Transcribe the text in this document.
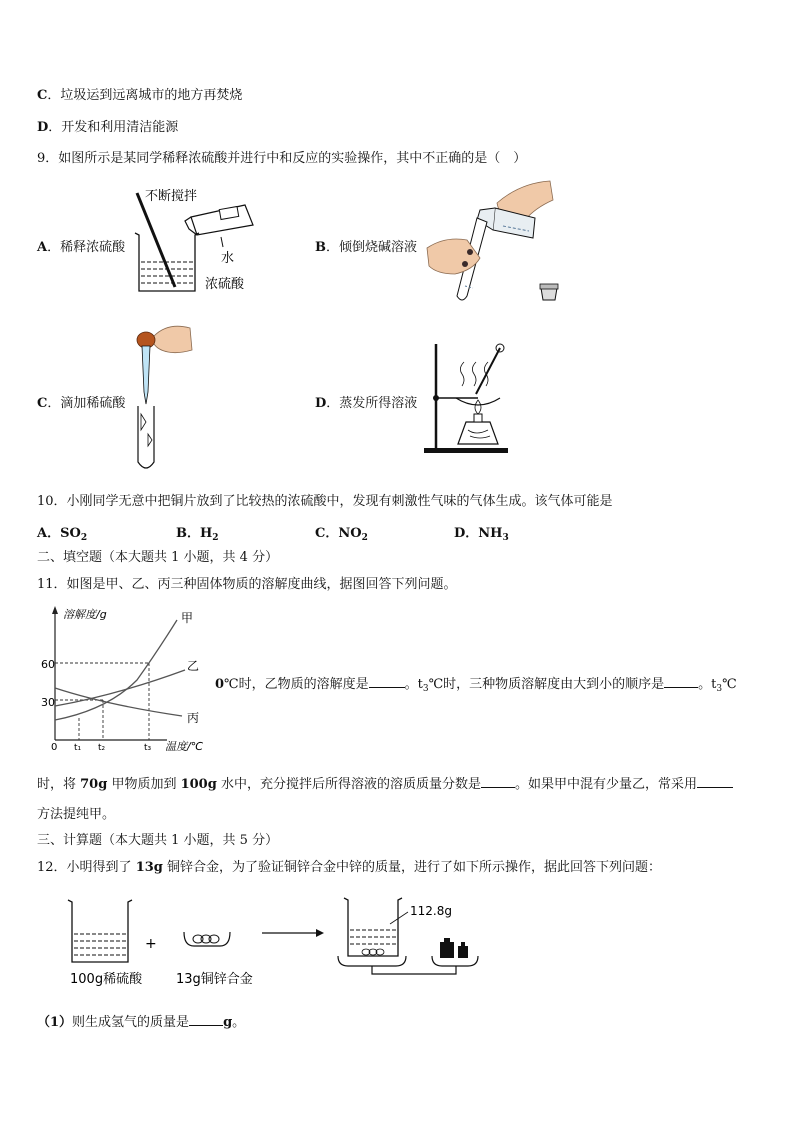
C．垃圾运到远离城市的地方再焚烧
D．开发和利用清洁能源
9．如图所示是某同学稀释浓硫酸并进行中和反应的实验操作，其中不正确的是（　）
A．稀释浓硫酸	B．倾倒烧碱溶液
C．滴加稀硫酸	D．蒸发所得溶液
不断搅拌
水
浓硫酸
10．小刚同学无意中把铜片放到了比较热的浓硫酸中，发现有刺激性气味的气体生成。该气体可能是
A．$SO_2$	B．$H_2$	C．$NO_2$	D．$NH_3$
二、填空题（本大题共 1 小题，共 4 分）
11．如图是甲、乙、丙三种固体物质的溶解度曲线，据图回答下列问题。
溶解度/g
温度/℃
60
30
0 t₁ t₂	t₃
甲
乙
丙
0℃时，乙物质的溶解度是	。$t_3℃$时，三种物质溶解度由大到小的顺序是	。$t_3℃$
时，将 70g 甲物质加到 100g 水中，充分搅拌后所得溶液的溶质质量分数是	。如果甲中混有少量乙，常采用
方法提纯甲。
三、计算题（本大题共 1 小题，共 5 分）
12．小明得到了 13g 铜锌合金，为了验证铜锌合金中锌的质量，进行了如下所示操作，据此回答下列问题：
100g稀硫酸
+
13g铜锌合金
112.8g
（1）则生成氢气的质量是	g。
